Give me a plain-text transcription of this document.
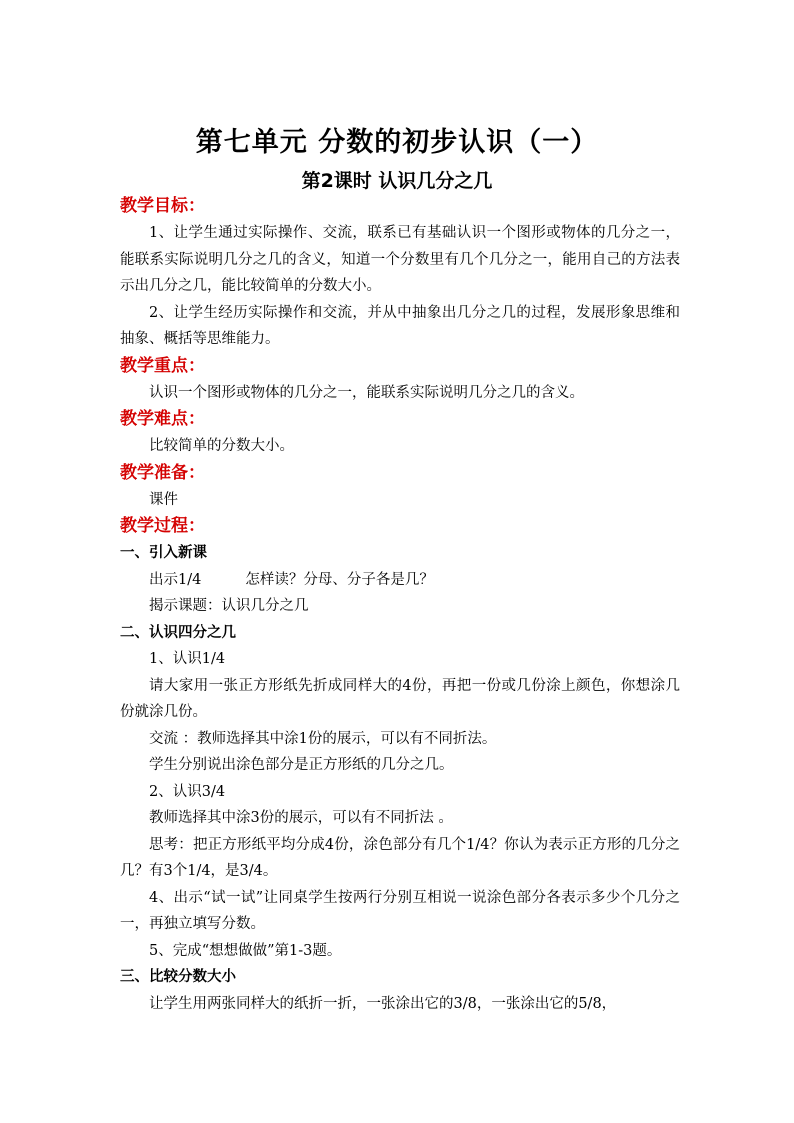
第七单元 分数的初步认识（一）
第2课时 认识几分之几
教学目标：

1、让学生通过实际操作、交流，联系已有基础认识一个图形或物体的几分之一，能联系实际说明几分之几的含义，知道一个分数里有几个几分之一，能用自己的方法表示出几分之几，能比较简单的分数大小。

2、让学生经历实际操作和交流，并从中抽象出几分之几的过程，发展形象思维和抽象、概括等思维能力。

教学重点：

认识一个图形或物体的几分之一，能联系实际说明几分之几的含义。

教学难点：

比较简单的分数大小。

教学准备：

课件

教学过程：
一、引入新课

出示1/4	怎样读？分母、分子各是几？

揭示课题：认识几分之几

二、认识四分之几

1、认识1/4

请大家用一张正方形纸先折成同样大的4份，再把一份或几份涂上颜色，你想涂几份就涂几份。

交流 ：教师选择其中涂1份的展示，可以有不同折法。

学生分别说出涂色部分是正方形纸的几分之几。

2、认识3/4

教师选择其中涂3份的展示，可以有不同折法 。

思考：把正方形纸平均分成4份，涂色部分有几个1/4？你认为表示正方形的几分之几？有3个1/4，是3/4。

4、出示“试一试”让同桌学生按两行分别互相说一说涂色部分各表示多少个几分之一，再独立填写分数。

5、完成“想想做做”第1-3题。

三、比较分数大小

让学生用两张同样大的纸折一折，一张涂出它的3/8，一张涂出它的5/8，
